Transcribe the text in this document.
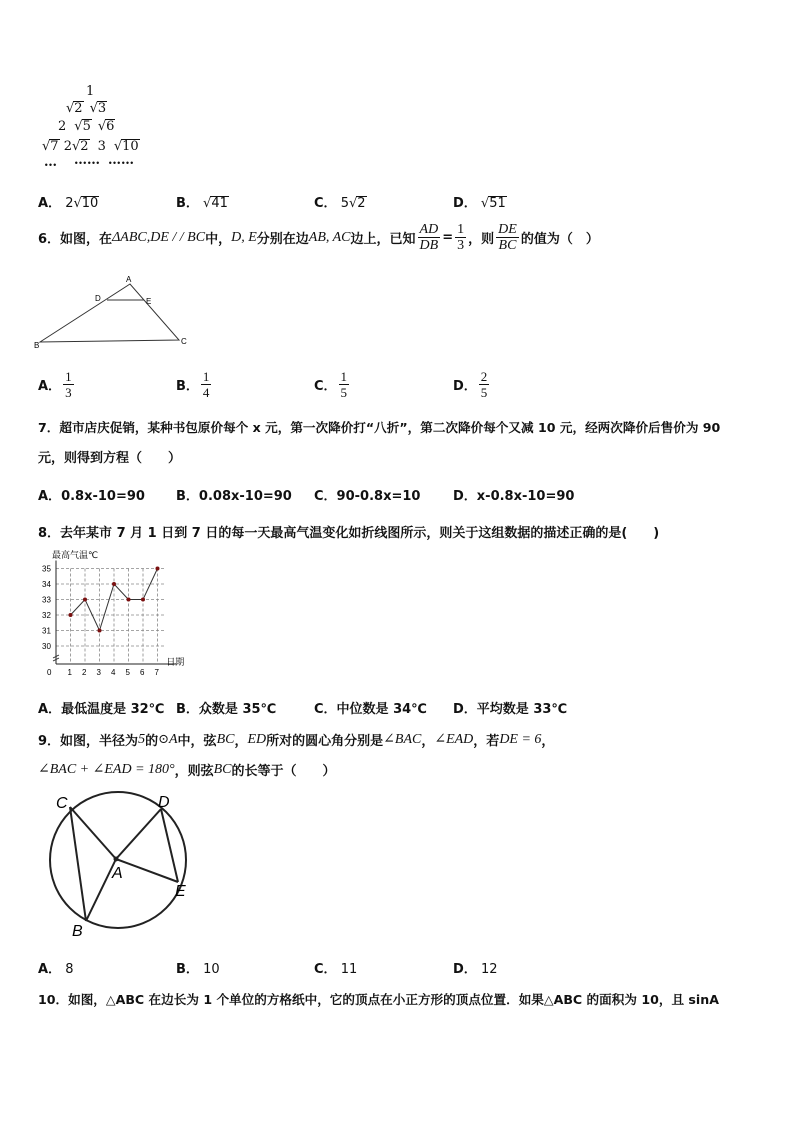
1
√2 √3
2 √5 √6
√7 2√2 3 √10
… …… ……
A． 2√10	B． √41	C． 5√2	D． √51
6． 如图，在 ΔABC , DE / / BC 中， D, E 分别在边 AB, AC 边上，已知 $\frac{AD}{DB} = \frac{1}{3}$ ，则 $\frac{DE}{BC}$ 的值为（　）
A
D	E
B	C
A． $\frac{1}{3}$	B． $\frac{1}{4}$	C． $\frac{1}{5}$	D． $\frac{2}{5}$
7．超市店庆促销，某种书包原价每个 x 元，第一次降价打“八折”，第二次降价每个又减 10 元，经两次降价后售价为 90
元，则得到方程（　　）
A．0.8x-10=90 B．0.08x-10=90 C．90-0.8x=10	D．x-0.8x-10=90
8．去年某市 7 月 1 日到 7 日的每一天最高气温变化如折线图所示，则关于这组数据的描述正确的是(　　)
0 1 2 3 4 5 6 7
30
31
32
33
34
35
最高气温℃
日期
A．最低温度是 32℃ B．众数是 35℃	C．中位数是 34℃ D．平均数是 33℃
9． 如图，半径为 5 的 ⊙ A 中，弦 BC ， ED 所对的圆心角分别是 ∠BAC ， ∠EAD ，若 DE = 6 ，
∠BAC + ∠EAD = 180° ，则弦 BC 的长等于（　　）
C	D
A
E
B
A． 8	B． 10	C． 11	D． 12
10．如图，△ABC 在边长为 1 个单位的方格纸中，它的顶点在小正方形的顶点位置．如果△ABC 的面积为 10，且 sinA
